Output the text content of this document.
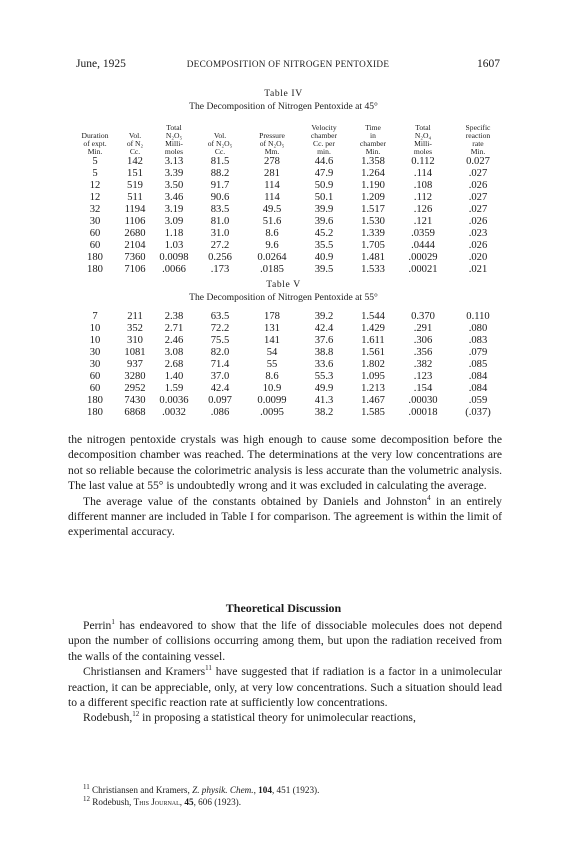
June, 1925	DECOMPOSITION OF NITROGEN PENTOXIDE	1607
Table IV
The Decomposition of Nitrogen Pentoxide at 45°
Duration
of expt.
Min.	Vol.
of N₂
Cc.	Total
N₂O₅
Milli-
moles	Vol.
of N₂O₅
Cc.	Pressure
of N₂O₅
Mm.	Velocity
chamber
Cc. per
min.	Time
in
chamber
Min.	Total
N₂O₄
Milli-
moles	Specific
reaction
rate
Min.
5	142	3.13	81.5	278	44.6	1.358	0.112	0.027
5	151	3.39	88.2	281	47.9	1.264	.114	.027
12	519	3.50	91.7	114	50.9	1.190	.108	.026
12	511	3.46	90.6	114	50.1	1.209	.112	.027
32	1194	3.19	83.5	49.5	39.9	1.517	.126	.027
30	1106	3.09	81.0	51.6	39.6	1.530	.121	.026
60	2680	1.18	31.0	8.6	45.2	1.339	.0359	.023
60	2104	1.03	27.2	9.6	35.5	1.705	.0444	.026
180	7360	0.0098	0.256	0.0264	40.9	1.481	.00029	.020
180	7106	.0066	.173	.0185	39.5	1.533	.00021	.021
Table V
The Decomposition of Nitrogen Pentoxide at 55°
7	211	2.38	63.5	178	39.2	1.544	0.370	0.110
10	352	2.71	72.2	131	42.4	1.429	.291	.080
10	310	2.46	75.5	141	37.6	1.611	.306	.083
30	1081	3.08	82.0	54	38.8	1.561	.356	.079
30	937	2.68	71.4	55	33.6	1.802	.382	.085
60	3280	1.40	37.0	8.6	55.3	1.095	.123	.084
60	2952	1.59	42.4	10.9	49.9	1.213	.154	.084
180	7430	0.0036	0.097	0.0099	41.3	1.467	.00030	.059
180	6868	.0032	.086	.0095	38.2	1.585	.00018	(.037)

the nitrogen pentoxide crystals was high enough to cause some decomposition before the decomposition chamber was reached. The determinations at the very low concentrations are not so reliable because the colorimetric analysis is less accurate than the volumetric analysis. The last value at 55° is undoubtedly wrong and it was excluded in calculating the average.

The average value of the constants obtained by Daniels and Johnston$^4$ in an entirely different manner are included in Table I for comparison. The agreement is within the limit of experimental accuracy.

Theoretical Discussion

Perrin$^1$ has endeavored to show that the life of dissociable molecules does not depend upon the number of collisions occurring among them, but upon the radiation received from the walls of the containing vessel.

Christiansen and Kramers$^{11}$ have suggested that if radiation is a factor in a unimolecular reaction, it can be appreciable, only, at very low concentrations. Such a situation should lead to a different specific reaction rate at sufficiently low concentrations.

Rodebush,$^{12}$ in proposing a statistical theory for unimolecular reactions,

$^{11}$ Christiansen and Kramers, Z. physik. Chem., 104, 451 (1923).

$^{12}$ Rodebush, This Journal, 45, 606 (1923).
